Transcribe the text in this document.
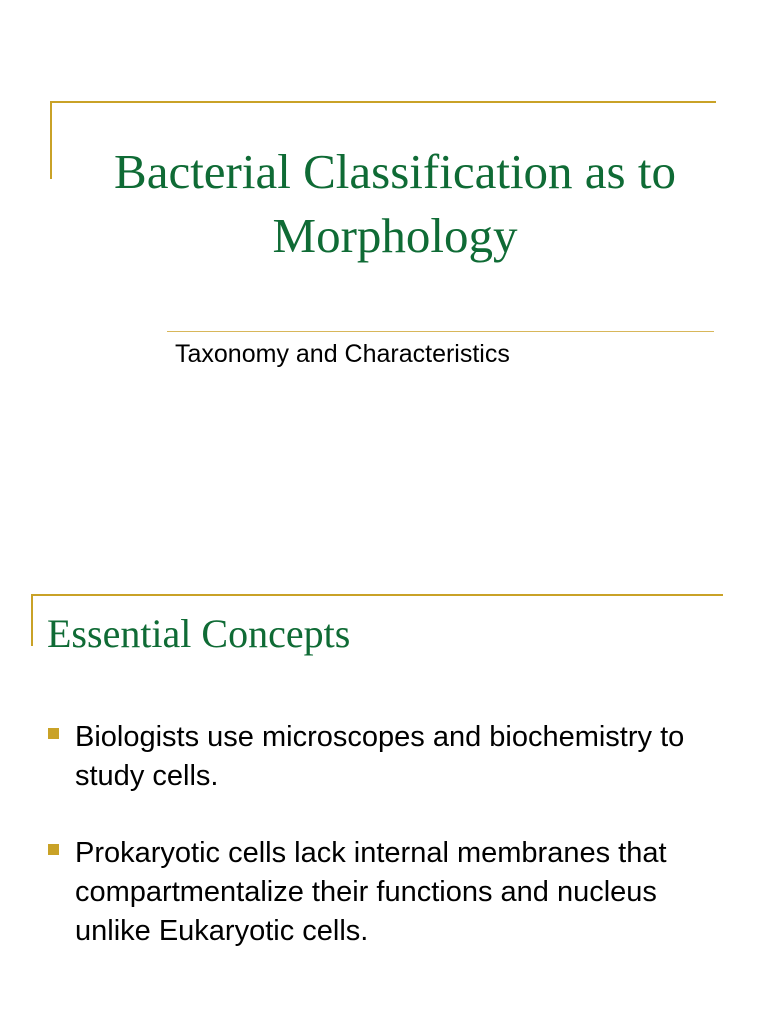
Bacterial Classification as to Morphology
Taxonomy and Characteristics
Essential Concepts
Biologists use microscopes and biochemistry to study cells.
Prokaryotic cells lack internal membranes that compartmentalize their functions and nucleus unlike Eukaryotic cells.
